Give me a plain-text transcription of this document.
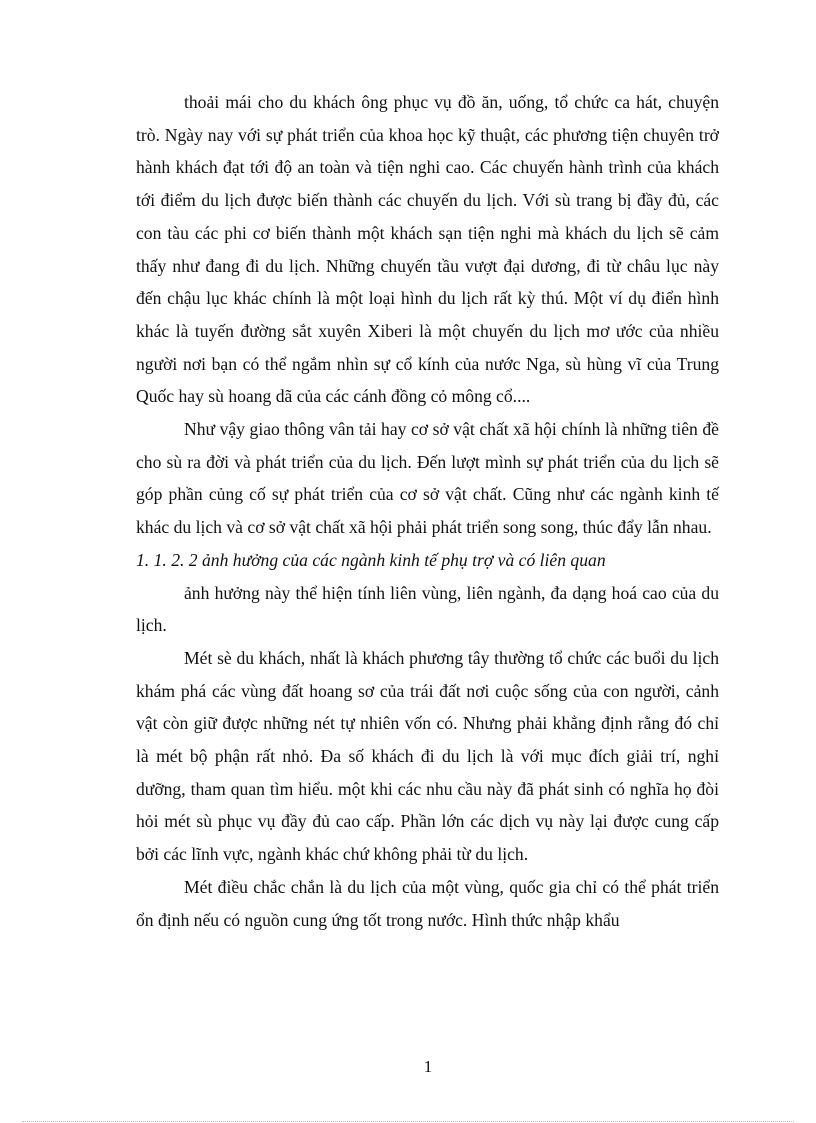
thoải mái cho du khách ông phục vụ đồ ăn, uống, tổ chức ca hát, chuyện trò. Ngày nay với sự phát triển của khoa học kỹ thuật, các phương tiện chuyên trở hành khách đạt tới độ an toàn và tiện nghi cao. Các chuyến hành trình của khách tới điểm du lịch được biến thành các chuyến du lịch. Với sù trang bị đầy đủ, các con tàu các phi cơ biến thành một khách sạn tiện nghi mà khách du lịch sẽ cảm thấy như đang đi du lịch. Những chuyến tầu vượt đại dương, đi từ châu lục này đến chậu lục khác chính là một loại hình du lịch rất kỳ thú. Một ví dụ điển hình khác là tuyến đường sắt xuyên Xiberi là một chuyến du lịch mơ ước của nhiều người nơi bạn có thể ngắm nhìn sự cổ kính của nước Nga, sù hùng vĩ của Trung Quốc hay sù hoang dã của các cánh đồng cỏ mông cổ....

Như vậy giao thông vân tải hay cơ sở vật chất xã hội chính là những tiên đề cho sù ra đời và phát triển của du lịch. Đến lượt mình sự phát triển của du lịch sẽ góp phần củng cố sự phát triển của cơ sở vật chất. Cũng như các ngành kinh tế khác du lịch và cơ sở vật chất xã hội phải phát triển song song, thúc đẩy lẫn nhau.

1. 1. 2. 2 ảnh hưởng của các ngành kinh tế phụ trợ và có liên quan

ảnh hưởng này thể hiện tính liên vùng, liên ngành, đa dạng hoá cao của du lịch.

Mét sè du khách, nhất là khách phương tây thường tổ chức các buổi du lịch khám phá các vùng đất hoang sơ của trái đất nơi cuộc sống của con người, cảnh vật còn giữ được những nét tự nhiên vốn có. Nhưng phải khẳng định rằng đó chỉ là mét bộ phận rất nhỏ. Đa số khách đi du lịch là với mục đích giải trí, nghỉ dưỡng, tham quan tìm hiểu. một khi các nhu cầu này đã phát sinh có nghĩa họ đòi hỏi mét sù phục vụ đầy đủ cao cấp. Phần lớn các dịch vụ này lại được cung cấp bởi các lĩnh vực, ngành khác chứ không phải từ du lịch.

Mét điều chắc chắn là du lịch của một vùng, quốc gia chỉ có thể phát triển ổn định nếu có nguồn cung ứng tốt trong nước. Hình thức nhập khẩu

1
